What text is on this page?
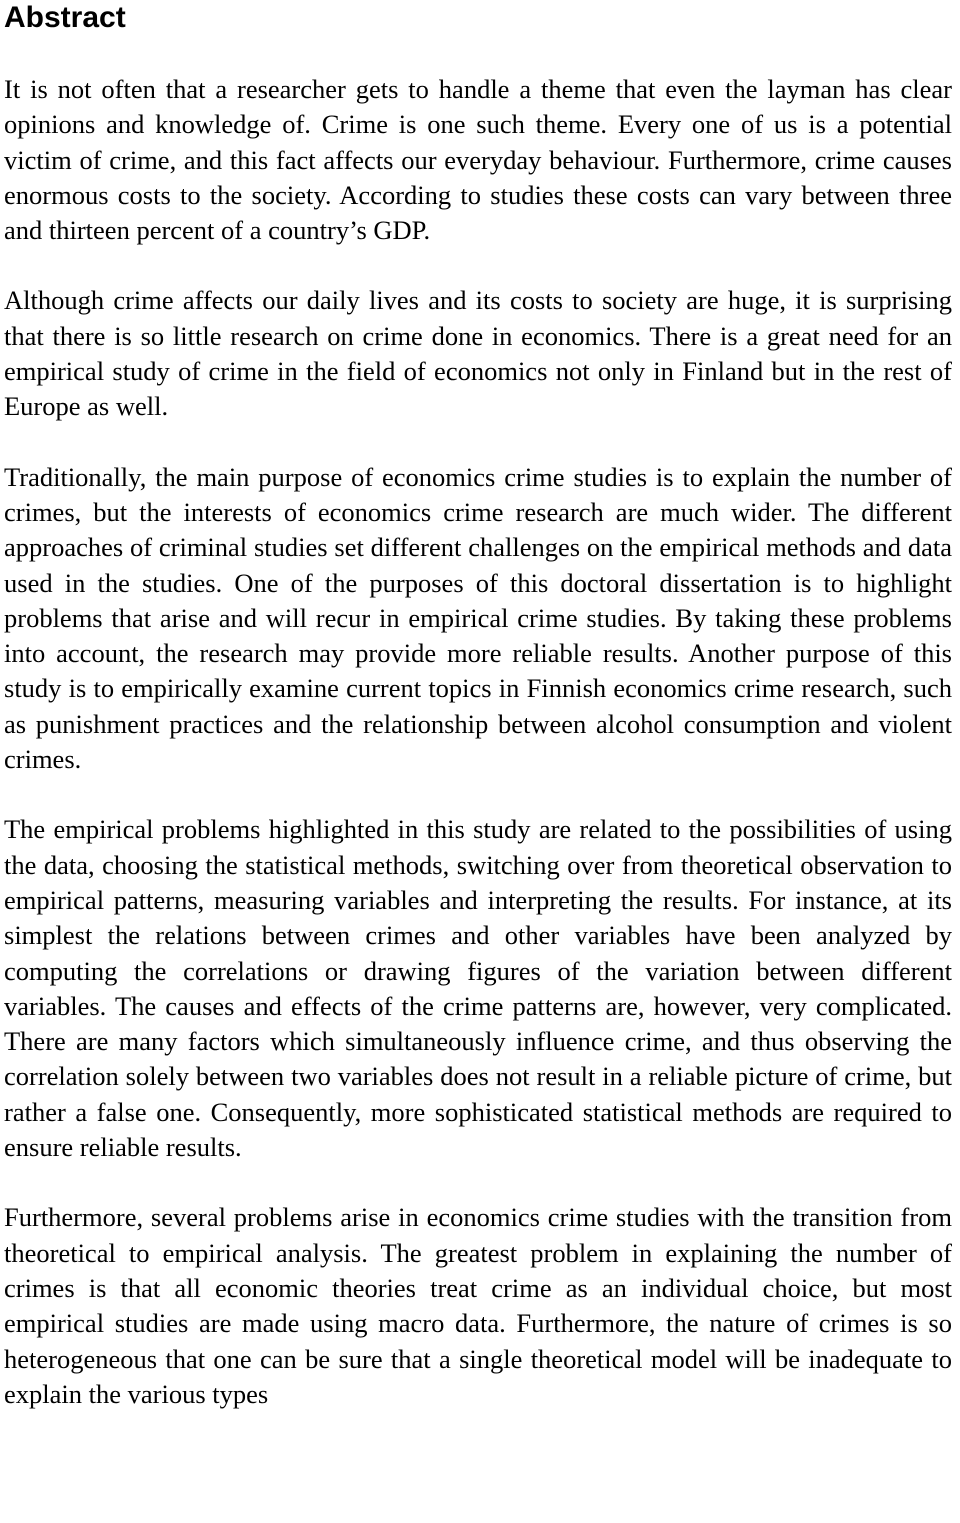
Abstract

It is not often that a researcher gets to handle a theme that even the layman has clear opinions and knowledge of. Crime is one such theme. Every one of us is a potential victim of crime, and this fact affects our everyday behaviour. Furthermore, crime causes enormous costs to the society. According to studies these costs can vary between three and thirteen percent of a country’s GDP.

Although crime affects our daily lives and its costs to society are huge, it is surprising that there is so little research on crime done in economics. There is a great need for an empirical study of crime in the field of economics not only in Finland but in the rest of Europe as well.

Traditionally, the main purpose of economics crime studies is to explain the number of crimes, but the interests of economics crime research are much wider. The different approaches of criminal studies set different challenges on the empirical methods and data used in the studies. One of the purposes of this doctoral dissertation is to highlight problems that arise and will recur in empirical crime studies. By taking these problems into account, the research may provide more reliable results. Another purpose of this study is to empirically examine current topics in Finnish economics crime research, such as punishment practices and the relationship between alcohol consumption and violent crimes.

The empirical problems highlighted in this study are related to the possibilities of using the data, choosing the statistical methods, switching over from theoretical observation to empirical patterns, measuring variables and interpreting the results. For instance, at its simplest the relations between crimes and other variables have been analyzed by computing the correlations or drawing figures of the variation between different variables. The causes and effects of the crime patterns are, however, very complicated. There are many factors which simultaneously influence crime, and thus observing the correlation solely between two variables does not result in a reliable picture of crime, but rather a false one. Consequently, more sophisticated statistical methods are required to ensure reliable results.

Furthermore, several problems arise in economics crime studies with the transition from theoretical to empirical analysis. The greatest problem in explaining the number of crimes is that all economic theories treat crime as an individual choice, but most empirical studies are made using macro data. Furthermore, the nature of crimes is so heterogeneous that one can be sure that a single theoretical model will be inadequate to explain the various types
